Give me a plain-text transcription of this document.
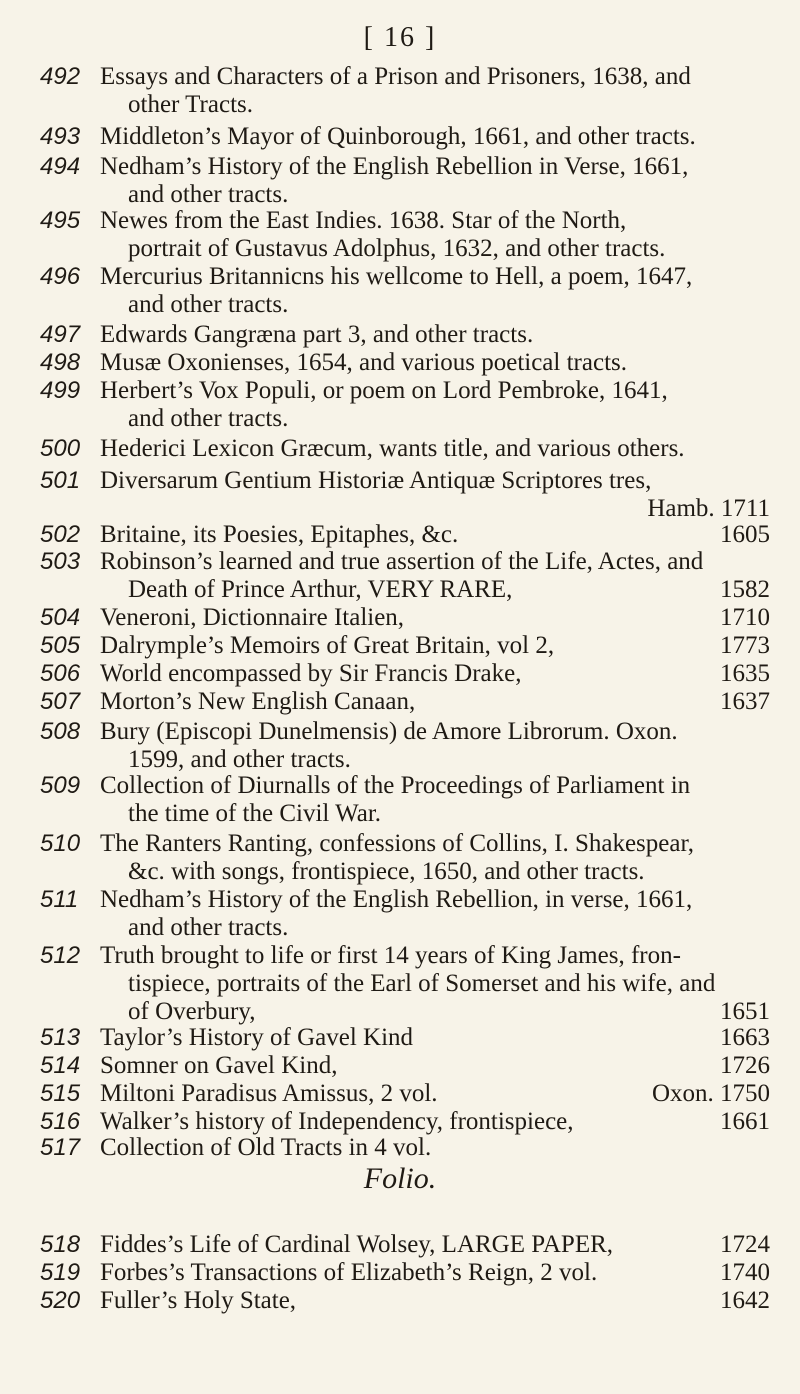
[ 16 ]
492 Essays and Characters of a Prison and Prisoners, 1638, and
other Tracts.
493 Middleton’s Mayor of Quinborough, 1661, and other tracts.
494 Nedham’s History of the English Rebellion in Verse, 1661,
and other tracts.
495 Newes from the East Indies. 1638. Star of the North,
portrait of Gustavus Adolphus, 1632, and other tracts.
496 Mercurius Britannicns his wellcome to Hell, a poem, 1647,
and other tracts.
497 Edwards Gangræna part 3, and other tracts.
498 Musæ Oxonienses, 1654, and various poetical tracts.
499 Herbert’s Vox Populi, or poem on Lord Pembroke, 1641,
and other tracts.
500 Hederici Lexicon Græcum, wants title, and various others.
501 Diversarum Gentium Historiæ Antiquæ Scriptores tres,
Hamb. 1711
502 Britaine, its Poesies, Epitaphes, &c.	1605
503 Robinson’s learned and true assertion of the Life, Actes, and
Death of Prince Arthur, VERY RARE,	1582
504 Veneroni, Dictionnaire Italien,	1710
505 Dalrymple’s Memoirs of Great Britain, vol 2,	1773
506 World encompassed by Sir Francis Drake,	1635
507 Morton’s New English Canaan,	1637
508 Bury (Episcopi Dunelmensis) de Amore Librorum. Oxon.
1599, and other tracts.
509 Collection of Diurnalls of the Proceedings of Parliament in
the time of the Civil War.
510 The Ranters Ranting, confessions of Collins, I. Shakespear,
&c. with songs, frontispiece, 1650, and other tracts.
511 Nedham’s History of the English Rebellion, in verse, 1661,
and other tracts.
512 Truth brought to life or first 14 years of King James, fron-
tispiece, portraits of the Earl of Somerset and his wife, and
of Overbury,	1651
513 Taylor’s History of Gavel Kind	1663
514 Somner on Gavel Kind,	1726
515 Miltoni Paradisus Amissus, 2 vol.	Oxon. 1750
516 Walker’s history of Independency, frontispiece,	1661
517 Collection of Old Tracts in 4 vol.
Folio.
518 Fiddes’s Life of Cardinal Wolsey, LARGE PAPER,	1724
519 Forbes’s Transactions of Elizabeth’s Reign, 2 vol.	1740
520 Fuller’s Holy State,	1642
